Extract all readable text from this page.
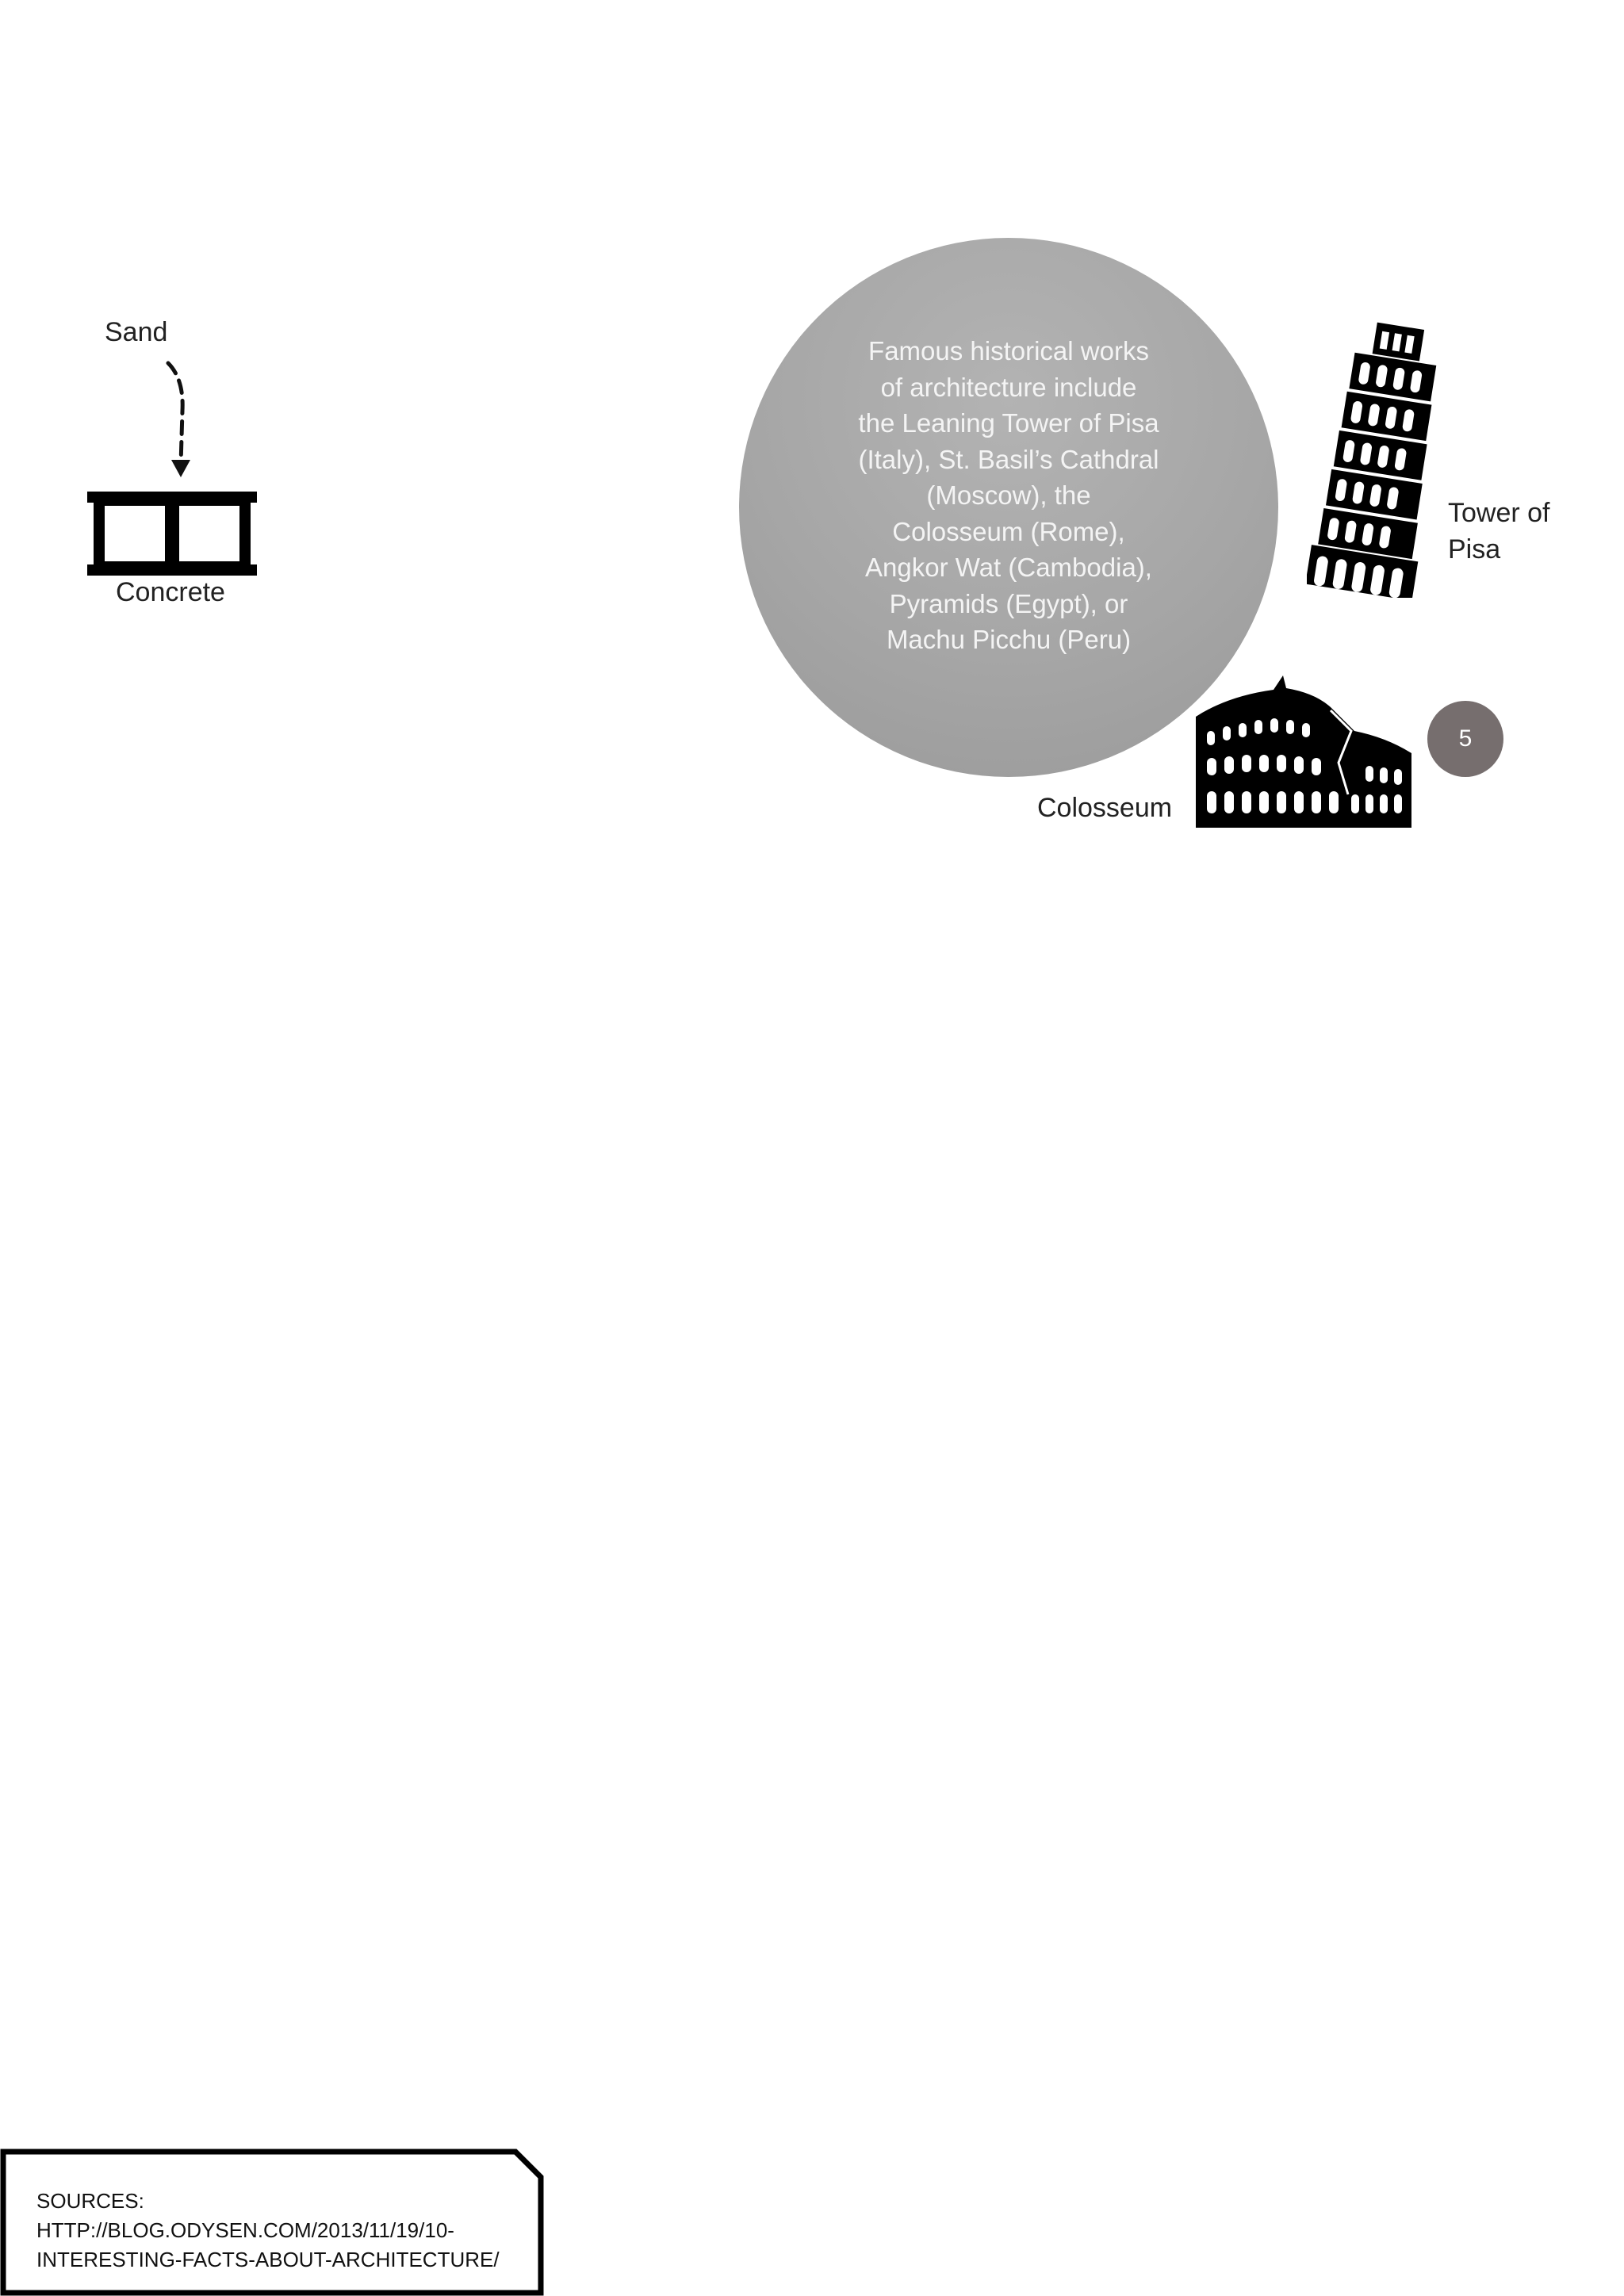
Sand
Concrete
Famous historical works
of architecture include
the Leaning Tower of Pisa
(Italy), St. Basil’s Cathdral
(Moscow), the
Colosseum (Rome),
Angkor Wat (Cambodia),
Pyramids (Egypt), or
Machu Picchu (Peru)
Tower of
Pisa
Colosseum
5
SOURCES:
HTTP://BLOG.ODYSEN.COM/2013/11/19/10-
INTERESTING-FACTS-ABOUT-ARCHITECTURE/
